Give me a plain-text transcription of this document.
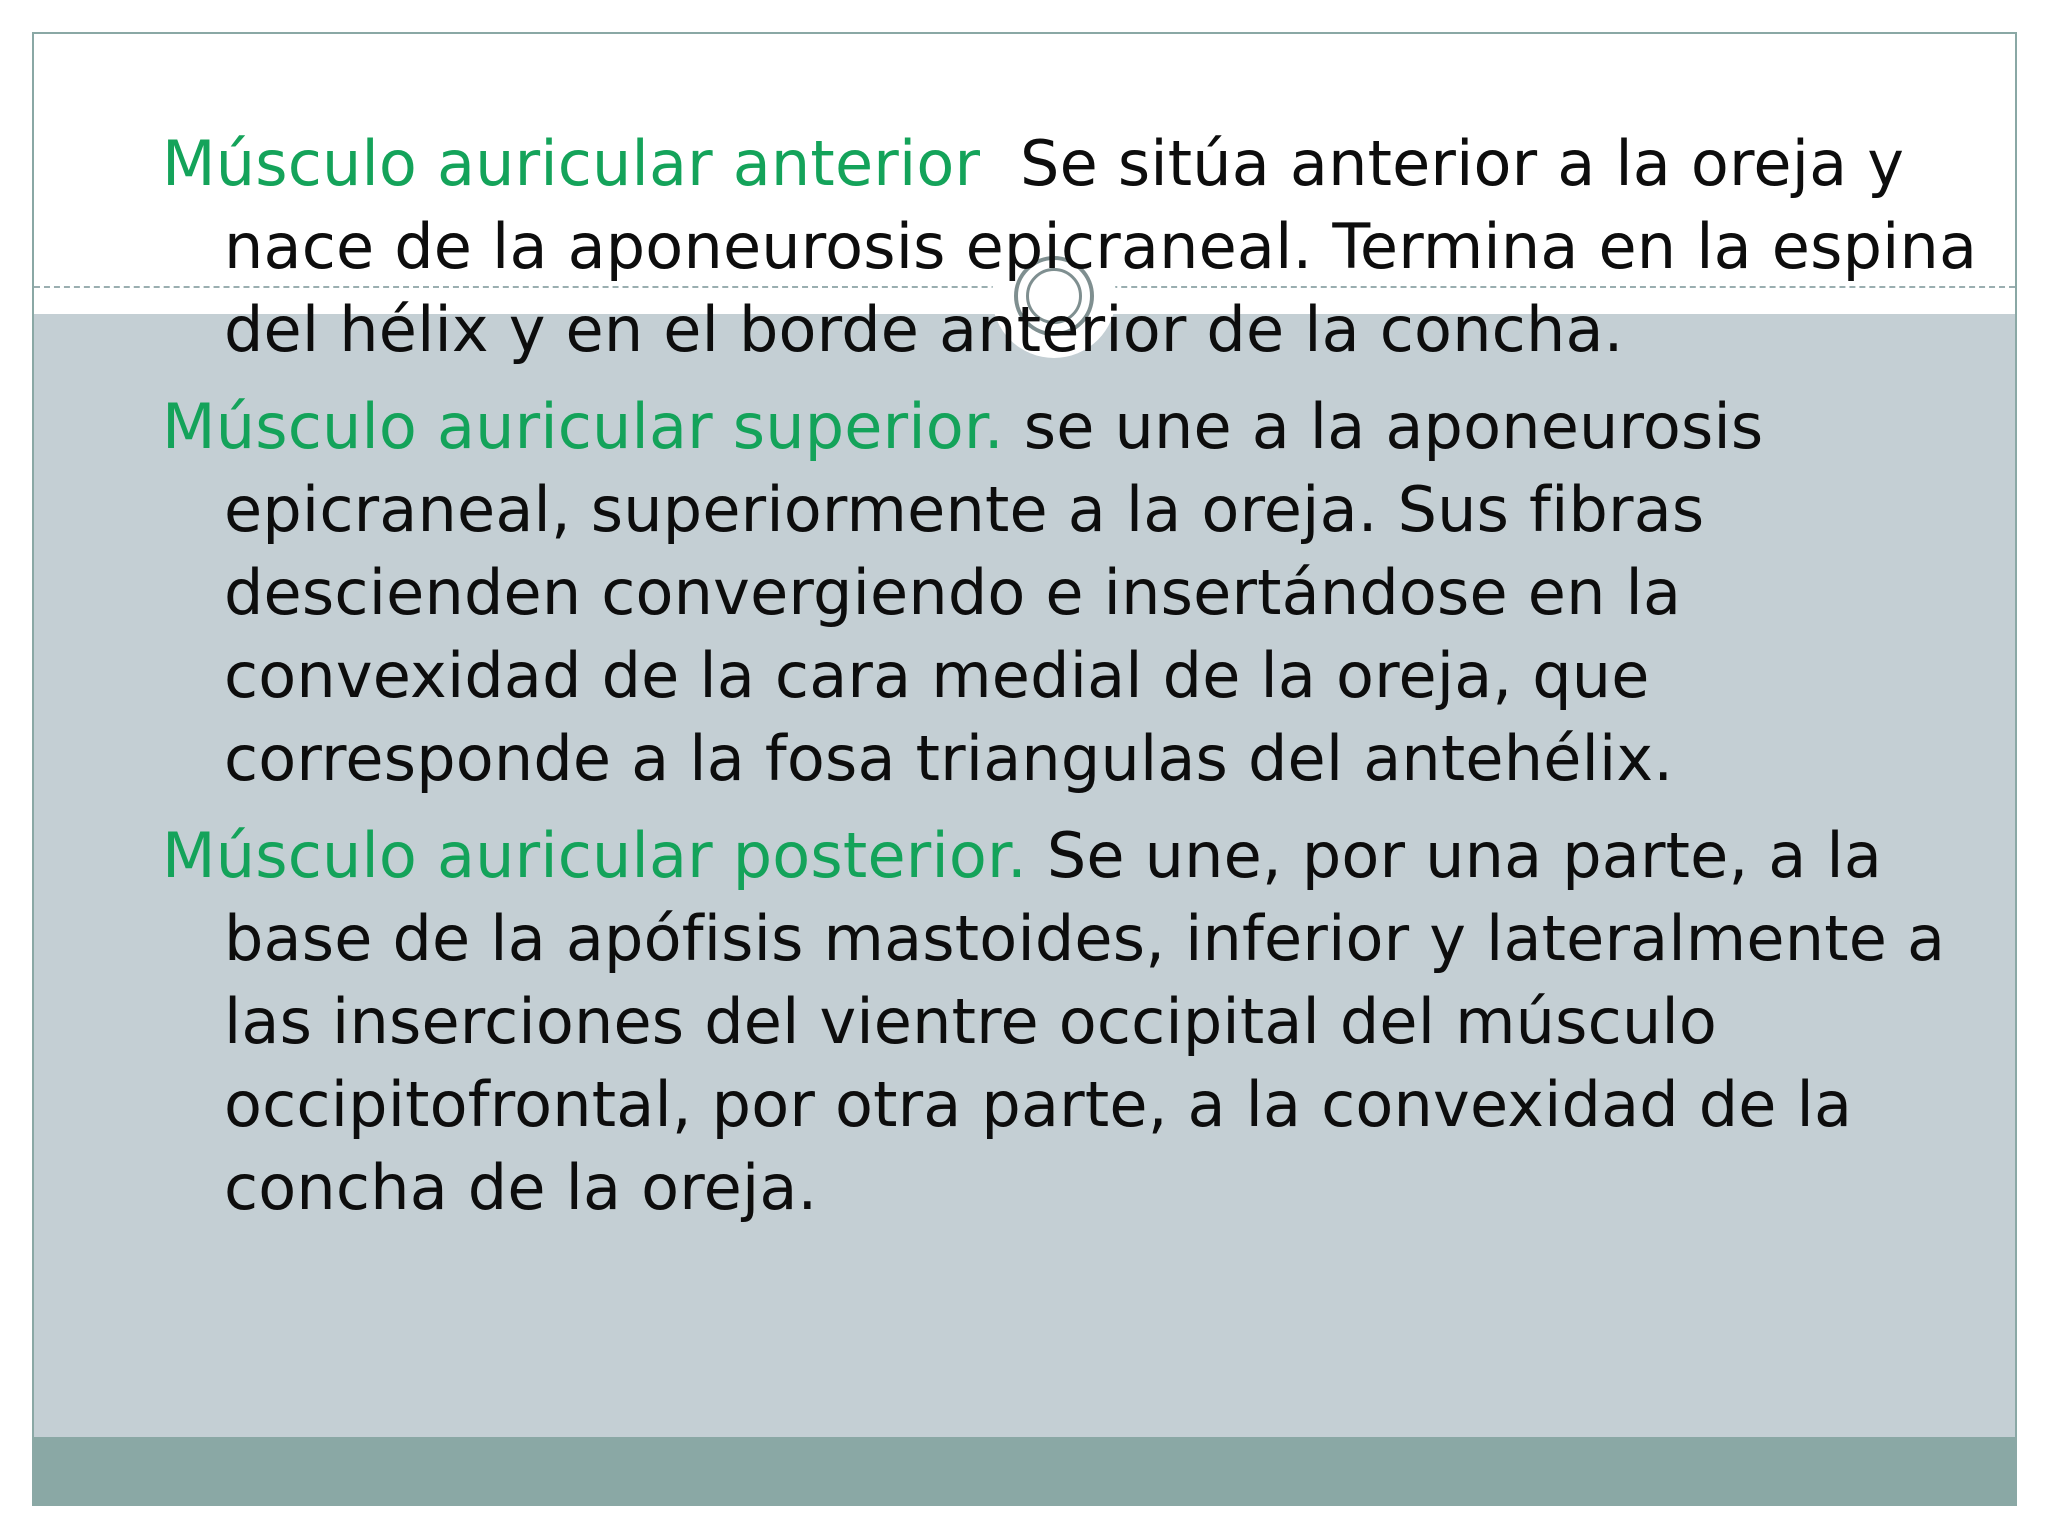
Músculo auricular anterior  Se sitúa anterior a la oreja y nace de la aponeurosis epicraneal. Termina en la espina del hélix y en el borde anterior de la concha.

Músculo auricular superior. se une a la aponeurosis epicraneal, superiormente a la oreja. Sus fibras descienden convergiendo e insertándose en la convexidad de la cara medial de la oreja, que corresponde a la fosa triangulas del antehélix.

Músculo auricular posterior. Se une, por una parte, a la base de la apófisis mastoides, inferior y lateralmente a las inserciones del vientre occipital del músculo occipitofrontal, por otra parte, a la convexidad de la concha de la oreja.
